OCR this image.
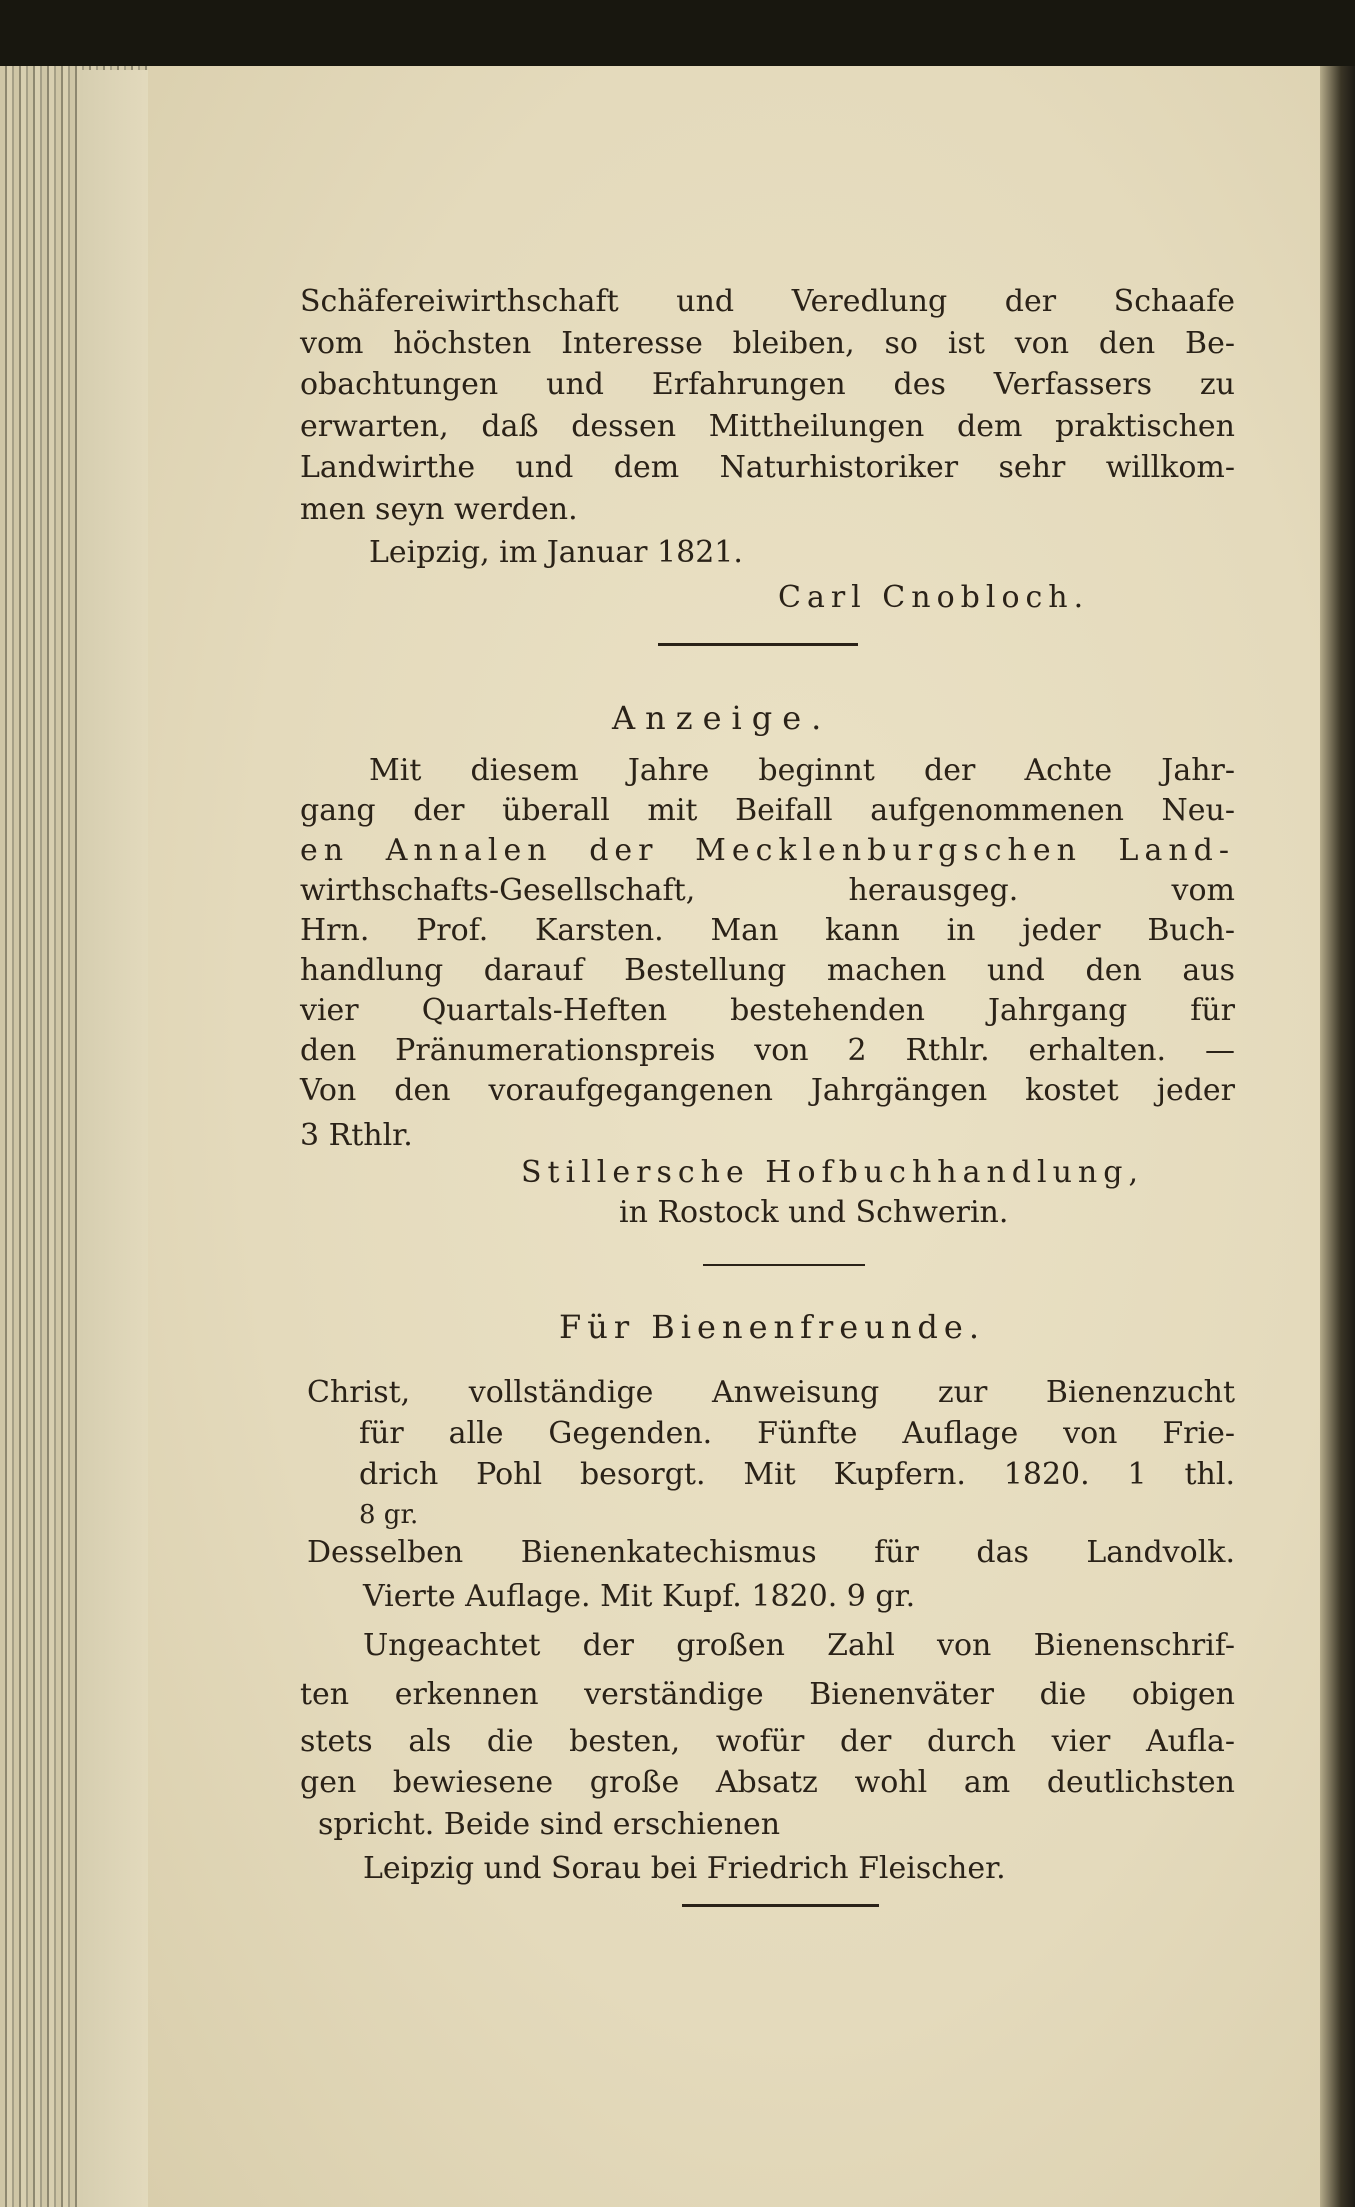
Schäfereiwirthschaft und Veredlung der Schaafe
vom höchsten Interesse bleiben, so ist von den Be-
obachtungen und Erfahrungen des Verfassers zu
erwarten, daß dessen Mittheilungen dem praktischen
Landwirthe und dem Naturhistoriker sehr willkom-
men seyn werden.
Leipzig, im Januar 1821.
Carl Cnobloch.
Anzeige.
Mit diesem Jahre beginnt der Achte Jahr-
gang der überall mit Beifall aufgenommenen Neu-
en Annalen der Mecklenburgschen Land-
wirthschafts-Gesellschaft, herausgeg. vom
Hrn. Prof. Karsten. Man kann in jeder Buch-
handlung darauf Bestellung machen und den aus
vier Quartals-Heften bestehenden Jahrgang für
den Pränumerationspreis von 2 Rthlr. erhalten. —
Von den voraufgegangenen Jahrgängen kostet jeder
3 Rthlr.
Stillersche Hofbuchhandlung,
in Rostock und Schwerin.
Für Bienenfreunde.
Christ, vollständige Anweisung zur Bienenzucht
für alle Gegenden. Fünfte Auflage von Frie-
drich Pohl besorgt. Mit Kupfern. 1820. 1 thl.
8 gr.
Desselben Bienenkatechismus für das Landvolk.
Vierte Auflage. Mit Kupf. 1820. 9 gr.
Ungeachtet der großen Zahl von Bienenschrif-
ten erkennen verständige Bienenväter die obigen
stets als die besten, wofür der durch vier Aufla-
gen bewiesene große Absatz wohl am deutlichsten
spricht. Beide sind erschienen
Leipzig und Sorau bei Friedrich Fleischer.
